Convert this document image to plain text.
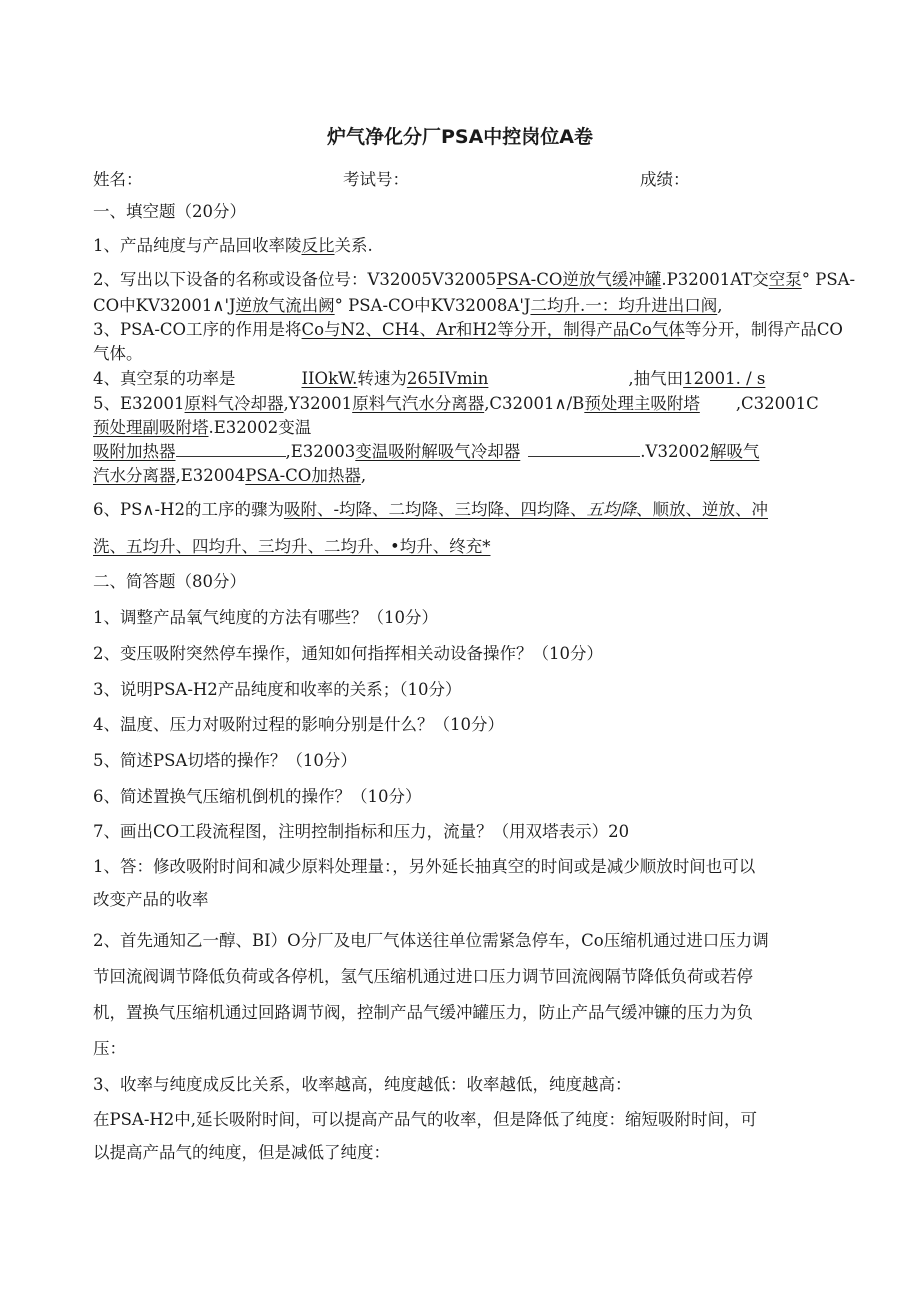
炉气净化分厂PSA中控岗位A卷
姓名：	考试号：	成绩：
一、填空题（20分）
1、产品纯度与产品回收率陵反比关系.
2、写出以下设备的名称或设备位号：V32005V32005PSA-CO逆放气缓冲罐.P32001AT交空泵° PSA-
CO中KV32001∧'J逆放气流出阙° PSA-CO中KV32008A'J二均升.一：均升进出口阀,
3、PSA-CO工序的作用是将Co与N2、CH4、Ar和H2等分开，制得产品Co气体等分开，制得产品CO
气体。
4、真空泵的功率是	IIOkW.转速为265IVmin	,抽气田12001. / s
5、E32001原料气冷却器,Y32001原料气汽水分离器,C32001∧/B预处理主吸附塔 ,C32001C
预处理副吸附塔.E32002变温
吸附加热器	,E32003变温吸附解吸气冷却器	.V32002解吸气
汽水分离器,E32004PSA-CO加热器,
6、PS∧-H2的工序的骤为吸附、-均降、二均降、三均降、四均降、五均降、顺放、逆放、冲
洗、五均升、四均升、三均升、二均升、•均升、终充*
二、简答题（80分）
1、调整产品氧气纯度的方法有哪些？（10分）
2、变压吸附突然停车操作，通知如何指挥相关动设备操作？（10分）
3、说明PSA-H2产品纯度和收率的关系；（10分）
4、温度、压力对吸附过程的影响分别是什么？（10分）
5、简述PSA切塔的操作？（10分）
6、简述置换气压缩机倒机的操作？（10分）
7、画出CO工段流程图，注明控制指标和压力，流量？（用双塔表示）20
1、答：修改吸附时间和减少原料处理量：，另外延长抽真空的时间或是减少顺放时间也可以
改变产品的收率
2、首先通知乙一醇、BI）O分厂及电厂气体送往单位需紧急停车，Co压缩机通过进口压力调
节回流阀调节降低负荷或各停机，氢气压缩机通过进口压力调节回流阀隔节降低负荷或若停
机，置换气压缩机通过回路调节阀，控制产品气缓冲罐压力，防止产品气缓冲镰的压力为负
压：
3、收率与纯度成反比关系，收率越高，纯度越低：收率越低，纯度越高：
在PSA-H2中,延长吸附时间，可以提高产品气的收率，但是降低了纯度：缩短吸附时间，可
以提高产品气的纯度，但是减低了纯度：
